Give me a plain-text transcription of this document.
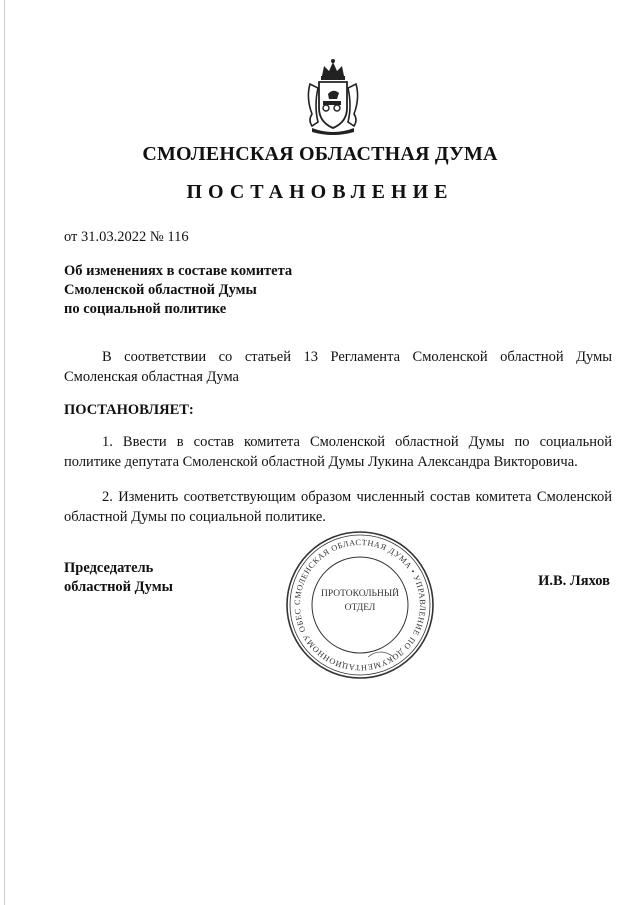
СМОЛЕНСКАЯ ОБЛАСТНАЯ ДУМА
ПОСТАНОВЛЕНИЕ
от 31.03.2022 № 116
Об изменениях в составе комитета
Смоленской областной Думы
по социальной политике
В соответствии со статьей 13 Регламента Смоленской областной Думы Смоленская областная Дума
ПОСТАНОВЛЯЕТ:
1. Ввести в состав комитета Смоленской областной Думы по социальной политике депутата Смоленской областной Думы Лукина Александра Викторовича.
2. Изменить соответствующим образом численный состав комитета Смоленской областной Думы по социальной политике.
Председатель
областной Думы
СМОЛЕНСКАЯ ОБЛАСТНАЯ ДУМА • УПРАВЛЕНИЕ ПО ДОКУМЕНТАЦИОННОМУ ОБЕС
ПРОТОКОЛЬНЫЙ
ОТДЕЛ
И.В. Ляхов
